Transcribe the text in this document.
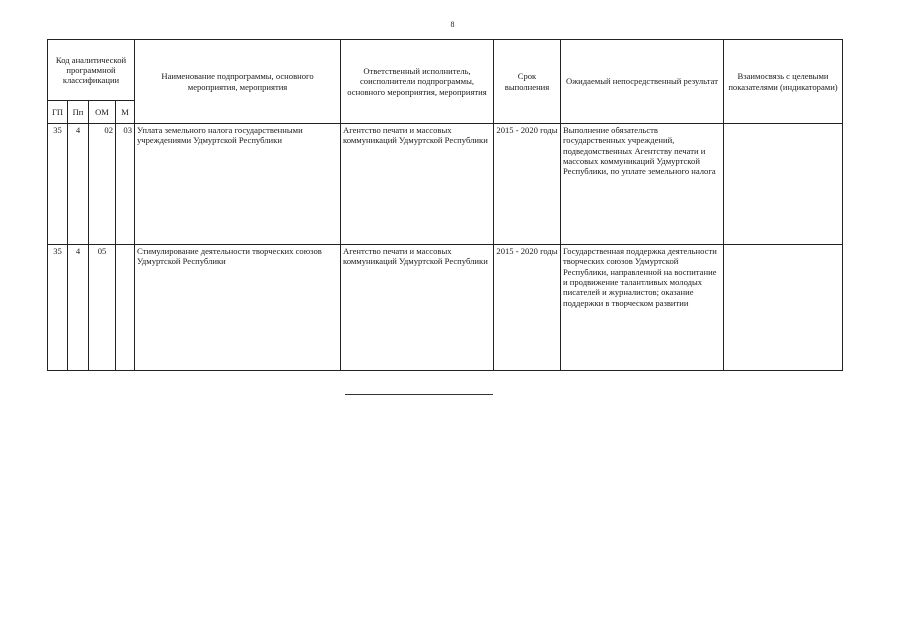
8
Код аналитической программной классификации				Наименование подпрограммы, основного мероприятия, мероприятия	Ответственный исполнитель, соисполнители подпрограммы, основного мероприятия, мероприятия	Срок выполнения	Ожидаемый непосредственный результат	Взаимосвязь с целевыми показателями (индикаторами)
ГП	Пп	ОМ	М					
35	4	02	03	Уплата земельного налога государственными учреждениями Удмуртской Республики	Агентство печати и массовых коммуникаций Удмуртской Республики	2015 - 2020 годы	Выполнение обязательств государственных учреждений, подведомственных Агентству печати и массовых коммуникаций Удмуртской Республики, по уплате земельного налога	
35	4	05		Стимулирование деятельности творческих союзов Удмуртской Республики	Агентство печати и массовых коммуникаций Удмуртской Республики	2015 - 2020 годы	Государственная поддержка деятельности творческих союзов Удмуртской Республики, направленной на воспитание и продвижение талантливых молодых писателей и журналистов; оказание поддержки в творческом развитии	
